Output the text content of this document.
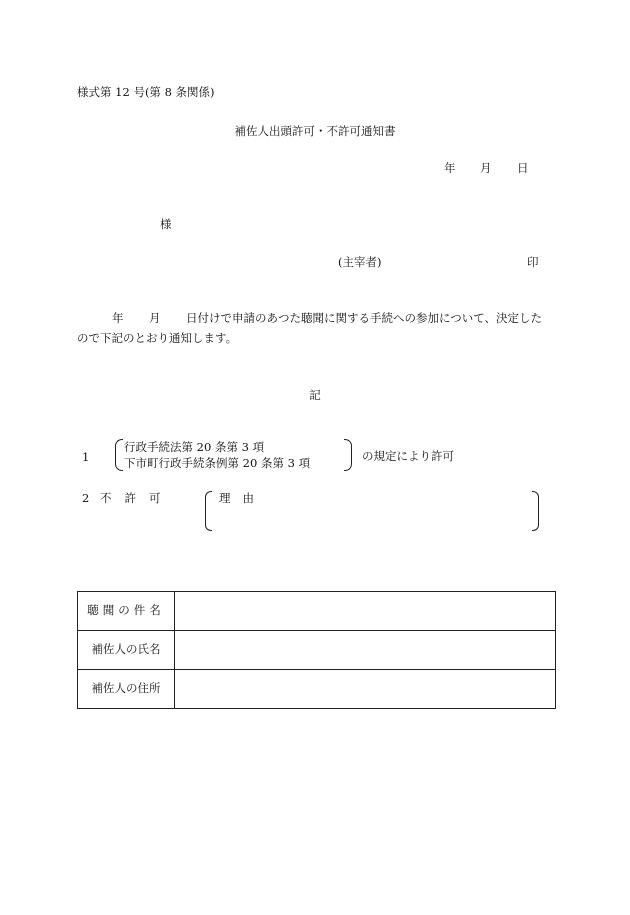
様式第 12 号(第 8 条関係)
補佐人出頭許可・不許可通知書
年 月 日
様
(主宰者)	印
年 月 日付けで申請のあつた聴聞に関する手続への参加について、決定した
ので下記のとおり通知します。
記
1
行政手続法第 20 条第 3 項
下市町行政手続条例第 20 条第 3 項	の規定により許可
2 不許可	理由
聴聞の件名	
補佐人の氏名	
補佐人の住所	
